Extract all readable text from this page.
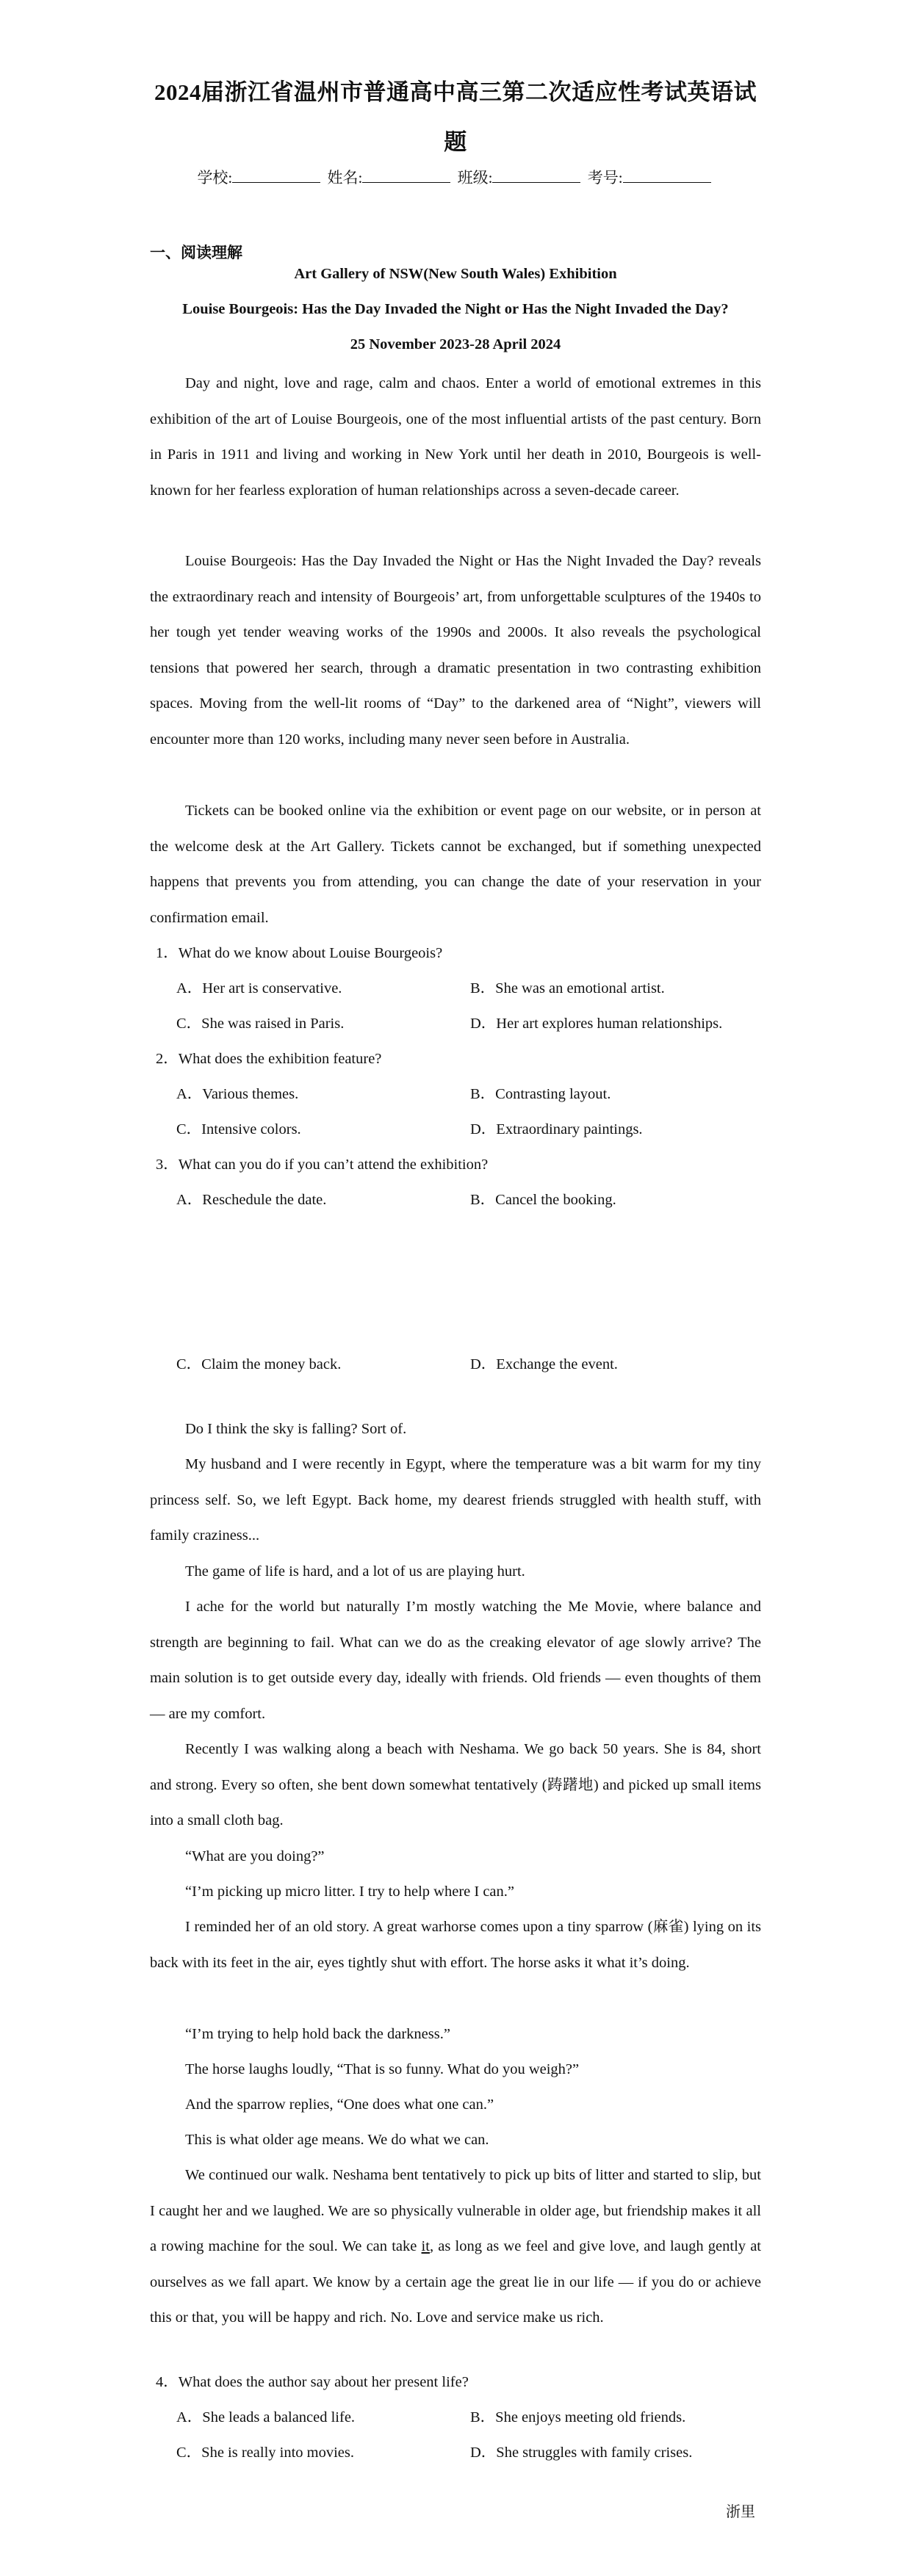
2024届浙江省温州市普通高中高三第二次适应性考试英语试
题
学校:	姓名:	班级:	考号:
一、阅读理解
Art Gallery of NSW(New South Wales) Exhibition
Louise Bourgeois: Has the Day Invaded the Night or Has the Night Invaded the Day?
25 November 2023-28 April 2024

Day and night, love and rage, calm and chaos. Enter a world of emotional extremes in this exhibition of the art of Louise Bourgeois, one of the most influential artists of the past century. Born in Paris in 1911 and living and working in New York until her death in 2010, Bourgeois is well-known for her fearless exploration of human relationships across a seven-decade career.

Louise Bourgeois: Has the Day Invaded the Night or Has the Night Invaded the Day? reveals the extraordinary reach and intensity of Bourgeois’ art, from unforgettable sculptures of the 1940s to her tough yet tender weaving works of the 1990s and 2000s. It also reveals the psychological tensions that powered her search, through a dramatic presentation in two contrasting exhibition spaces. Moving from the well-lit rooms of “Day” to the darkened area of “Night”, viewers will encounter more than 120 works, including many never seen before in Australia.

Tickets can be booked online via the exhibition or event page on our website, or in person at the welcome desk at the Art Gallery. Tickets cannot be exchanged, but if something unexpected happens that prevents you from attending, you can change the date of your reservation in your confirmation email.

1．What do we know about Louise Bourgeois?
A．Her art is conservative.	B．She was an emotional artist.
C．She was raised in Paris.	D．Her art explores human relationships.
2．What does the exhibition feature?
A．Various themes.	B．Contrasting layout.
C．Intensive colors.	D．Extraordinary paintings.
3．What can you do if you can’t attend the exhibition?
A．Reschedule the date.	B．Cancel the booking.
C．Claim the money back.	D．Exchange the event.

Do I think the sky is falling? Sort of.

My husband and I were recently in Egypt, where the temperature was a bit warm for my tiny princess self. So, we left Egypt. Back home, my dearest friends struggled with health stuff, with family craziness...

The game of life is hard, and a lot of us are playing hurt.

I ache for the world but naturally I’m mostly watching the Me Movie, where balance and strength are beginning to fail. What can we do as the creaking elevator of age slowly arrive? The main solution is to get outside every day, ideally with friends. Old friends — even thoughts of them — are my comfort.

Recently I was walking along a beach with Neshama. We go back 50 years. She is 84, short and strong. Every so often, she bent down somewhat tentatively (踌躇地) and picked up small items into a small cloth bag.

“What are you doing?”

“I’m picking up micro litter. I try to help where I can.”

I reminded her of an old story. A great warhorse comes upon a tiny sparrow (麻雀) lying on its back with its feet in the air, eyes tightly shut with effort. The horse asks it what it’s doing.

“I’m trying to help hold back the darkness.”

The horse laughs loudly, “That is so funny. What do you weigh?”

And the sparrow replies, “One does what one can.”

This is what older age means. We do what we can.

We continued our walk. Neshama bent tentatively to pick up bits of litter and started to slip, but I caught her and we laughed. We are so physically vulnerable in older age, but friendship makes it all a rowing machine for the soul. We can take it, as long as we feel and give love, and laugh gently at ourselves as we fall apart. We know by a certain age the great lie in our life — if you do or achieve this or that, you will be happy and rich. No. Love and service make us rich.

4．What does the author say about her present life?
A．She leads a balanced life.	B．She enjoys meeting old friends.
C．She is really into movies.	D．She struggles with family crises.
浙里
